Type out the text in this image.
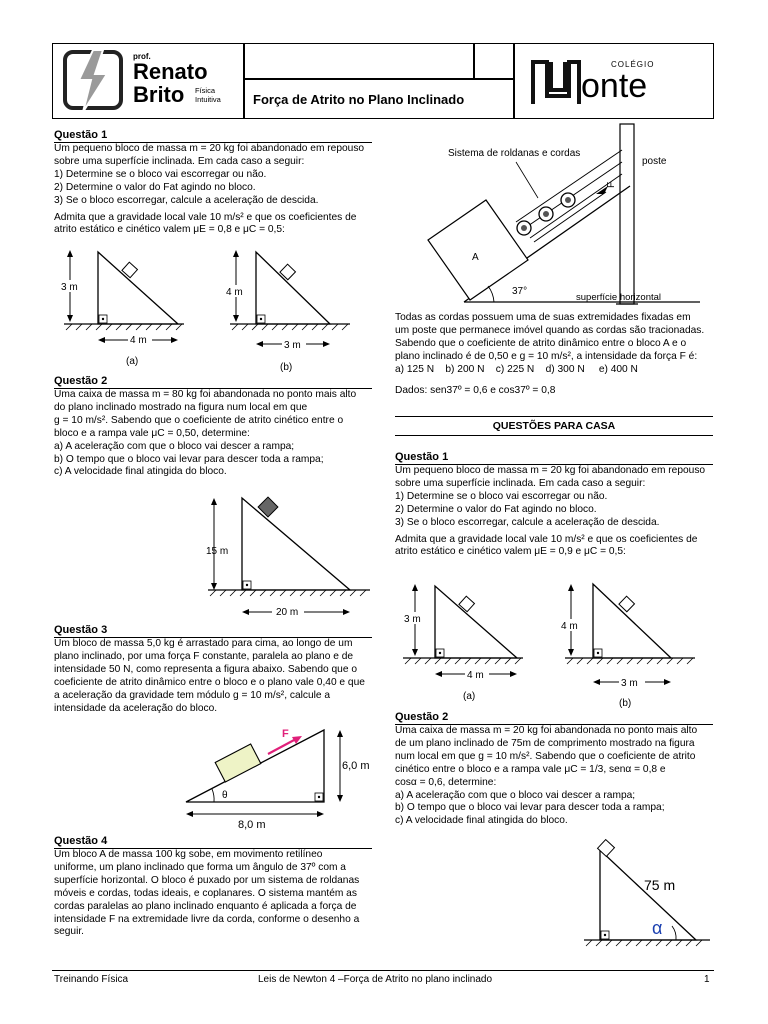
prof.
Renato
Brito Física
Intuitiva Força de Atrito no Plano Inclinado
COLÉGIO
onte
Questão 1
Um pequeno bloco de massa m = 20 kg foi abandonado em repouso
sobre uma superfície inclinada. Em cada caso a seguir:
1) Determine se o bloco vai escorregar ou não.
2) Determine o valor do Fat agindo no bloco.
3) Se o bloco escorregar, calcule a aceleração de descida.
Admita que a gravidade local vale 10 m/s² e que os coeficientes de
atrito estático e cinético valem μE = 0,8 e μC = 0,5:
3 m
4 m
(a)
4 m
3 m
(b)
Questão 2
Uma caixa de massa m = 80 kg foi abandonada no ponto mais alto
do plano inclinado mostrado na figura num local em que
g = 10 m/s². Sabendo que o coeficiente de atrito cinético entre o
bloco e a rampa vale μC = 0,50, determine:
a) A aceleração com que o bloco vai descer a rampa;
b) O tempo que o bloco vai levar para descer toda a rampa;
c) A velocidade final atingida do bloco.
15 m
20 m
Questão 3
Um bloco de massa 5,0 kg é arrastado para cima, ao longo de um
plano inclinado, por uma força F constante, paralela ao plano e de
intensidade 50 N, como representa a figura abaixo. Sabendo que o
coeficiente de atrito dinâmico entre o bloco e o plano vale 0,40 e que
a aceleração da gravidade tem módulo g = 10 m/s², calcule a
intensidade da aceleração do bloco.
F
θ
6,0 m
8,0 m
Questão 4
Um bloco A de massa 100 kg sobe, em movimento retilíneo
uniforme, um plano inclinado que forma um ângulo de 37º com a
superfície horizontal. O bloco é puxado por um sistema de roldanas
móveis e cordas, todas ideais, e coplanares. O sistema mantém as
cordas paralelas ao plano inclinado enquanto é aplicada a força de
intensidade F na extremidade livre da corda, conforme o desenho a
seguir.
A
F
Sistema de roldanas e cordas
poste
37°
superfície horizontal
Todas as cordas possuem uma de suas extremidades fixadas em
um poste que permanece imóvel quando as cordas são tracionadas.
Sabendo que o coeficiente de atrito dinâmico entre o bloco A e o
plano inclinado é de 0,50 e g = 10 m/s², a intensidade da força F é:
a) 125 N    b) 200 N    c) 225 N    d) 300 N     e) 400 N
Dados: sen37º = 0,6 e cos37º = 0,8
QUESTÕES PARA CASA
Questão 1
Um pequeno bloco de massa m = 20 kg foi abandonado em repouso
sobre uma superfície inclinada. Em cada caso a seguir:
1) Determine se o bloco vai escorregar ou não.
2) Determine o valor do Fat agindo no bloco.
3) Se o bloco escorregar, calcule a aceleração de descida.
Admita que a gravidade local vale 10 m/s² e que os coeficientes de
atrito estático e cinético valem μE = 0,9 e μC = 0,5:
3 m
4 m
(a)
4 m
3 m
(b)
Questão 2
Uma caixa de massa m = 20 kg foi abandonada no ponto mais alto
de um plano inclinado de 75m de comprimento mostrado na figura
num local em que g = 10 m/s². Sabendo que o coeficiente de atrito
cinético entre o bloco e a rampa vale μC = 1/3, senα = 0,8 e
cosα = 0,6, determine:
a) A aceleração com que o bloco vai descer a rampa;
b) O tempo que o bloco vai levar para descer toda a rampa;
c) A velocidade final atingida do bloco.
75 m
α
Treinando Física	Leis de Newton 4 –Força de Atrito no plano inclinado	1
